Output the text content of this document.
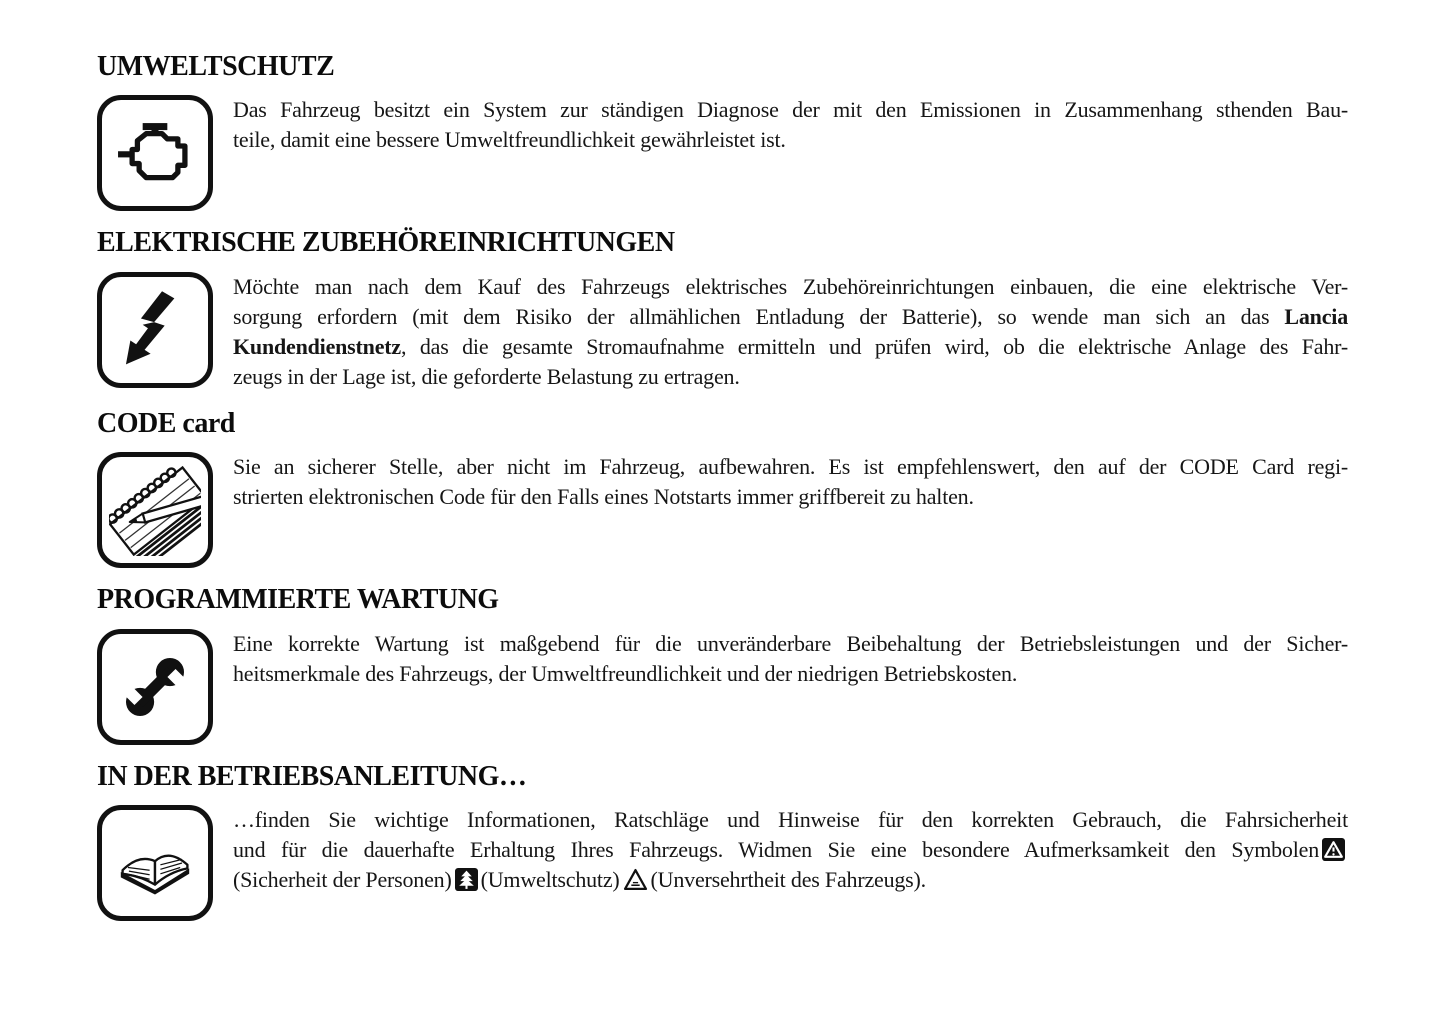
UMWELTSCHUTZ
Das Fahrzeug besitzt ein System zur ständigen Diagnose der mit den Emissionen in Zusammenhang sthenden Bau-
teile, damit eine bessere Umweltfreundlichkeit gewährleistet ist.
ELEKTRISCHE ZUBEHÖREINRICHTUNGEN
Möchte man nach dem Kauf des Fahrzeugs elektrisches Zubehöreinrichtungen einbauen, die eine elektrische Ver-
sorgung erfordern (mit dem Risiko der allmählichen Entladung der Batterie), so wende man sich an das Lancia
Kundendienstnetz, das die gesamte Stromaufnahme ermitteln und prüfen wird, ob die elektrische Anlage des Fahr-
zeugs in der Lage ist, die geforderte Belastung zu ertragen.
CODE card
Sie an sicherer Stelle, aber nicht im Fahrzeug, aufbewahren. Es ist empfehlenswert, den auf der CODE Card regi-
strierten elektronischen Code für den Falls eines Notstarts immer griffbereit zu halten.
PROGRAMMIERTE WARTUNG
Eine korrekte Wartung ist maßgebend für die unveränderbare Beibehaltung der Betriebsleistungen und der Sicher-
heitsmerkmale des Fahrzeugs, der Umweltfreundlichkeit und der niedrigen Betriebskosten.
IN DER BETRIEBSANLEITUNG…
…finden Sie wichtige Informationen, Ratschläge und Hinweise für den korrekten Gebrauch, die Fahrsicherheit
und für die dauerhafte Erhaltung Ihres Fahrzeugs. Widmen Sie eine besondere Aufmerksamkeit den Symbolen
(Sicherheit der Personen) (Umweltschutz) (Unversehrtheit des Fahrzeugs).
